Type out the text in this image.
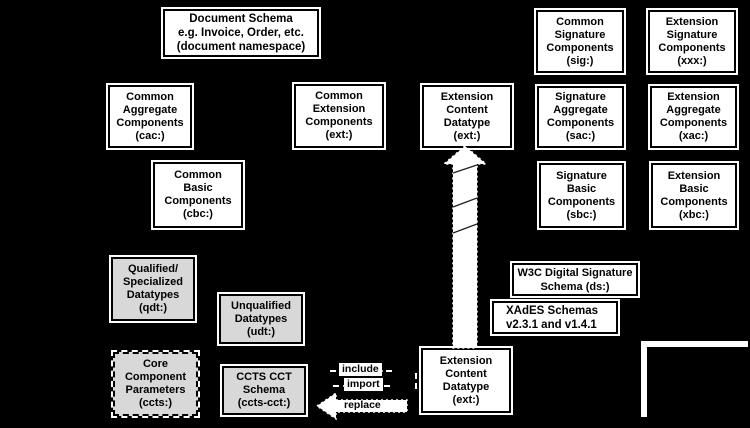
Document Schema
e.g. Invoice, Order, etc.
(document namespace)
Common
Signature
Components
(sig:)
Extension
Signature
Components
(xxx:)
Common
Aggregate
Components
(cac:)
Common
Extension
Components
(ext:)
Extension
Content
Datatype
(ext:)
Signature
Aggregate
Components
(sac:)
Extension
Aggregate
Components
(xac:)
Common
Basic
Components
(cbc:)
Signature
Basic
Components
(sbc:)
Extension
Basic
Components
(xbc:)
Qualified/
Specialized
Datatypes
(qdt:)	Unqualified
Datatypes
(udt:)
Core
Component
Parameters
(ccts:)
CCTS CCT
Schema
(ccts-cct:)
W3C Digital Signature
Schema (ds:)
XAdES Schemas
v2.3.1 and v1.4.1
Extension
Content
Datatype
(ext:)
include
import
replace
